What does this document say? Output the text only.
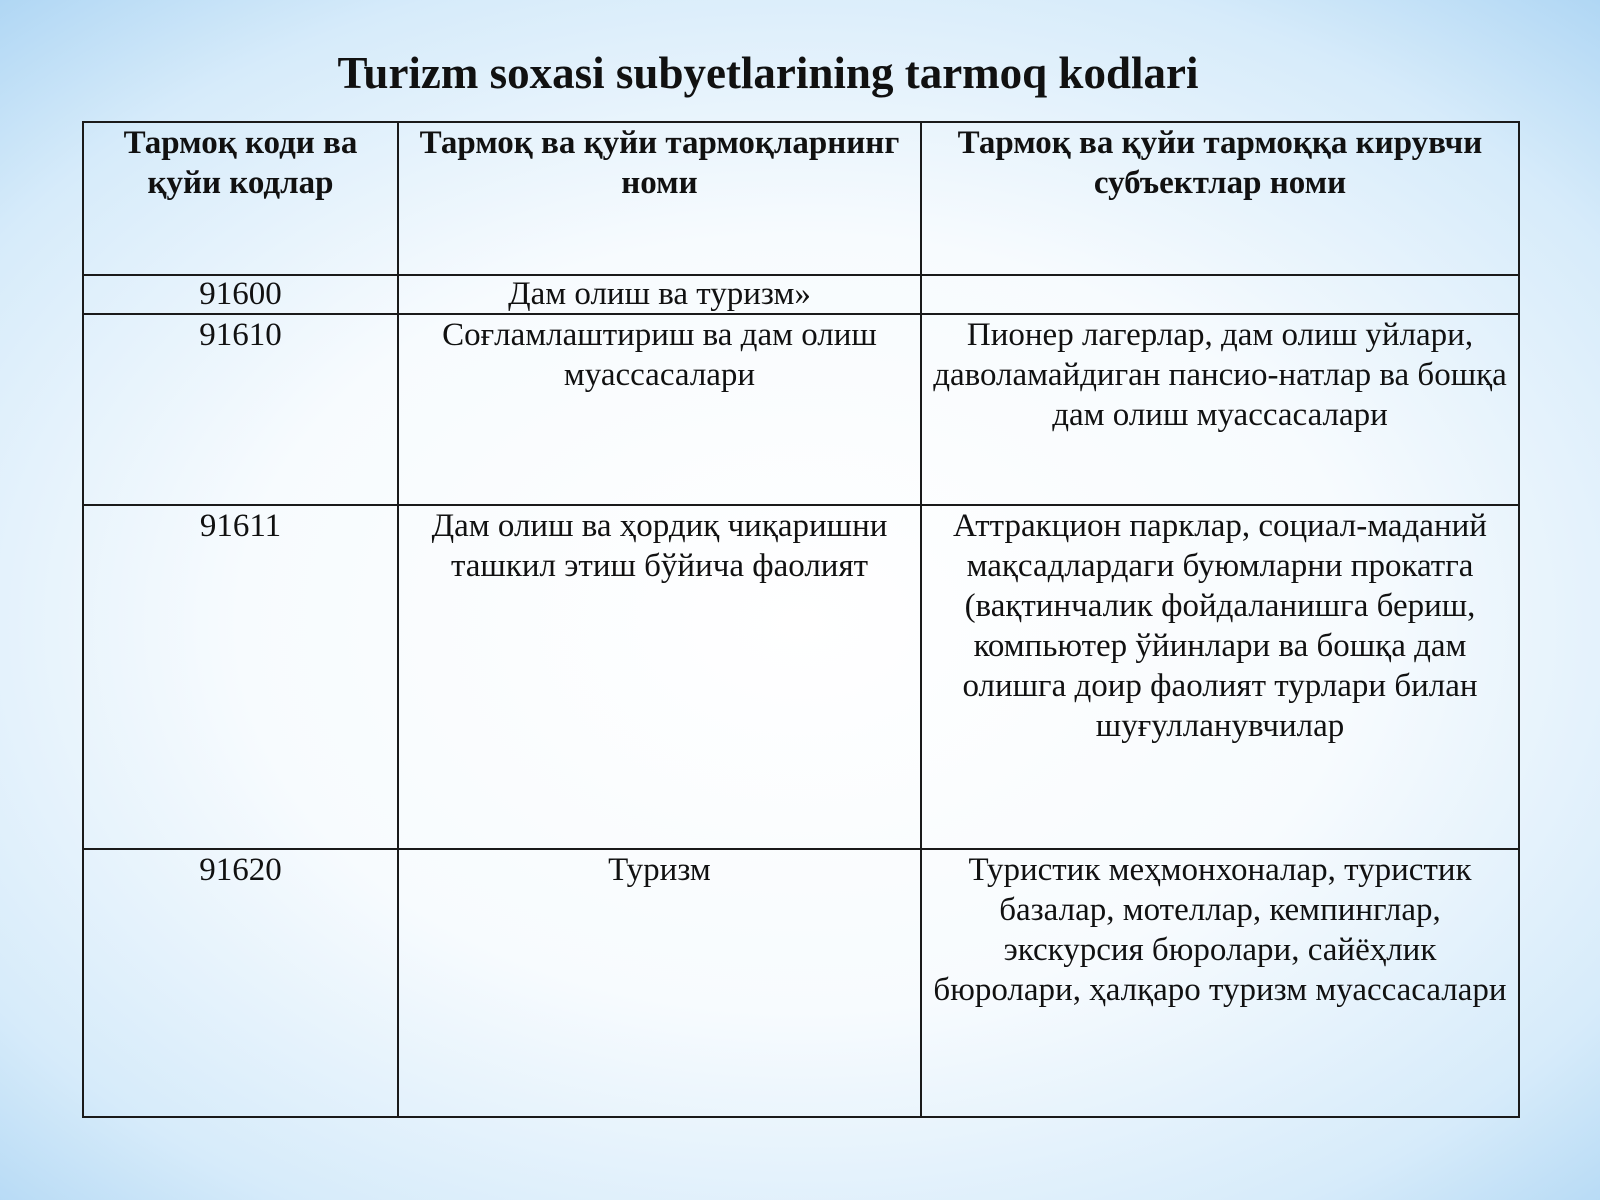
Turizm soxasi subyetlarining tarmoq kodlari
Тармоқ коди ва қуйи кодлар	Тармоқ ва қуйи тармоқларнинг номи	Тармоқ ва қуйи тармоққа кирувчи субъектлар номи
91600	Дам олиш ва туризм»	
91610	Соғламлаштириш ва дам олиш муассасалари	Пионер лагерлар, дам олиш уйлари, даволамайдиган пансио-натлар ва бошқа дам олиш муассасалари
91611	Дам олиш ва ҳордиқ чиқаришни ташкил этиш бўйича фаолият	Аттракцион парклар, социал-маданий мақсадлардаги буюмларни прокатга (вақтинчалик фойдаланишга бериш, компьютер ўйинлари ва бошқа дам олишга доир фаолият турлари билан шуғулланувчилар
91620	Туризм	Туристик меҳмонхоналар, туристик базалар, мотеллар, кемпинглар, экскурсия бюролари, сайёҳлик бюролари, ҳалқаро туризм муассасалари
